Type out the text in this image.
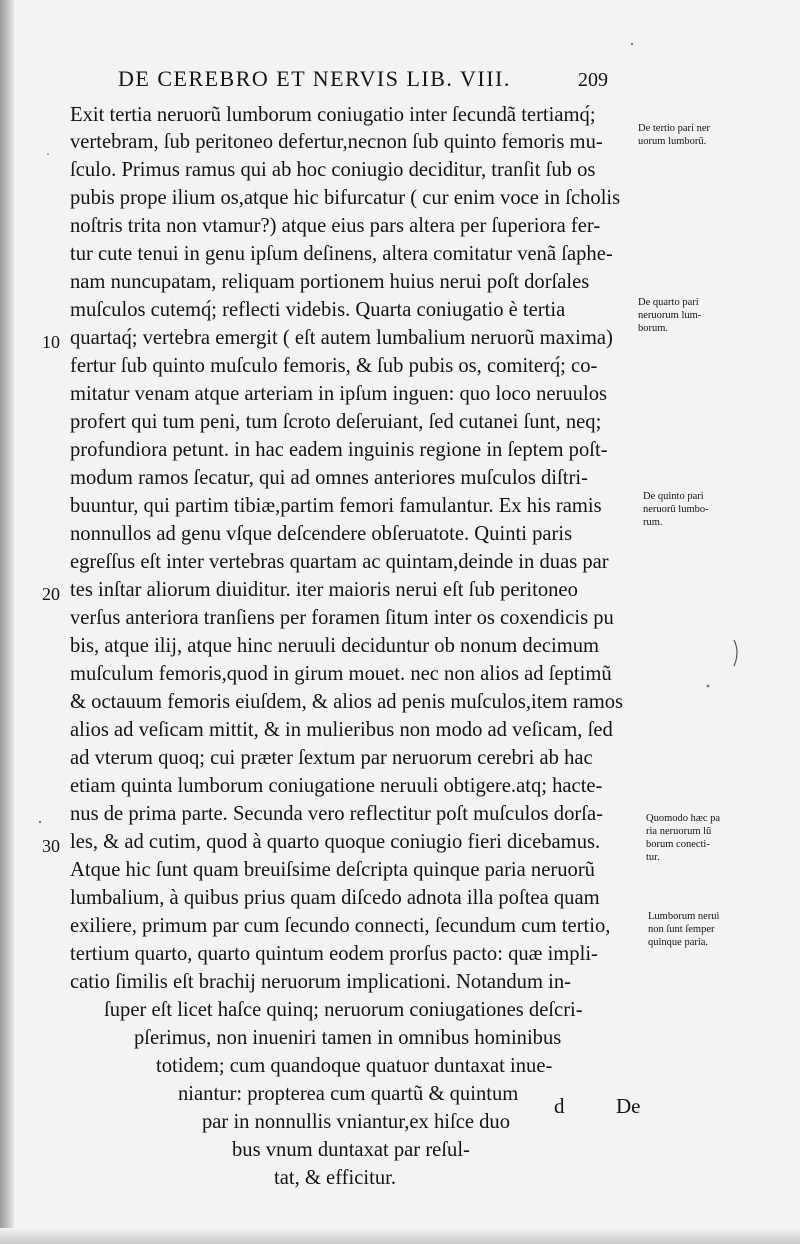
DE CEREBRO ET NERVIS LIB. VIII.	209
10
20
30
Exit tertia neruorũ lumborum coniugatio inter ſecundã tertiamq́;
vertebram, ſub peritoneo defertur,necnon ſub quinto femoris mu-
ſculo. Primus ramus qui ab hoc coniugio deciditur, tranſit ſub os
pubis prope ilium os,atque hic bifurcatur ( cur enim voce in ſcholis
noſtris trita non vtamur?) atque eius pars altera per ſuperiora fer-
tur cute tenui in genu ipſum deſinens, altera comitatur venã ſaphe-
nam nuncupatam, reliquam portionem huius nerui poſt dorſales
muſculos cutemq́; reflecti videbis. Quarta coniugatio è tertia
quartaq́; vertebra emergit ( eſt autem lumbalium neruorũ maxima)
fertur ſub quinto muſculo femoris, & ſub pubis os, comiterq́; co-
mitatur venam atque arteriam in ipſum inguen: quo loco neruulos
profert qui tum peni, tum ſcroto deſeruiant, ſed cutanei ſunt, neq;
profundiora petunt. in hac eadem inguinis regione in ſeptem poſt-
modum ramos ſecatur, qui ad omnes anteriores muſculos diſtri-
buuntur, qui partim tibiæ,partim femori famulantur. Ex his ramis
nonnullos ad genu vſque deſcendere obſeruatote. Quinti paris
egreſſus eſt inter vertebras quartam ac quintam,deinde in duas par
tes inſtar aliorum diuiditur. iter maioris nerui eſt ſub peritoneo
verſus anteriora tranſiens per foramen ſitum inter os coxendicis pu
bis, atque ilij, atque hinc neruuli deciduntur ob nonum decimum
muſculum femoris,quod in girum mouet. nec non alios ad ſeptimũ
& octauum femoris eiuſdem, & alios ad penis muſculos,item ramos
alios ad veſicam mittit, & in mulieribus non modo ad veſicam, ſed
ad vterum quoq; cui præter ſextum par neruorum cerebri ab hac
etiam quinta lumborum coniugatione neruuli obtigere.atq; hacte-
nus de prima parte. Secunda vero reflectitur poſt muſculos dorſa-
les, & ad cutim, quod à quarto quoque coniugio fieri dicebamus.
Atque hic ſunt quam breuiſsime deſcripta quinque paria neruorũ
lumbalium, à quibus prius quam diſcedo adnota illa poſtea quam
exiliere, primum par cum ſecundo connecti, ſecundum cum tertio,
tertium quarto, quarto quintum eodem prorſus pacto: quæ impli-
catio ſimilis eſt brachij neruorum implicationi. Notandum in-
ſuper eſt licet haſce quinq; neruorum coniugationes deſcri-
pſerimus, non inueniri tamen in omnibus hominibus
totidem; cum quandoque quatuor duntaxat inue-
niantur: propterea cum quartũ & quintum
par in nonnullis vniantur,ex hiſce duo
bus vnum duntaxat par reſul-
tat, & efficitur.
De tertio pari ner
uorum lumborũ.
De quarto pari
neruorum lum-
borum.
De quinto pari
neruorũ lumbo-
rum.
Quomodo hæc pa
ria neruorum lũ
borum conecti-
tur.
Lumborum nerui
non ſunt ſemper
quinque paria.
d De
